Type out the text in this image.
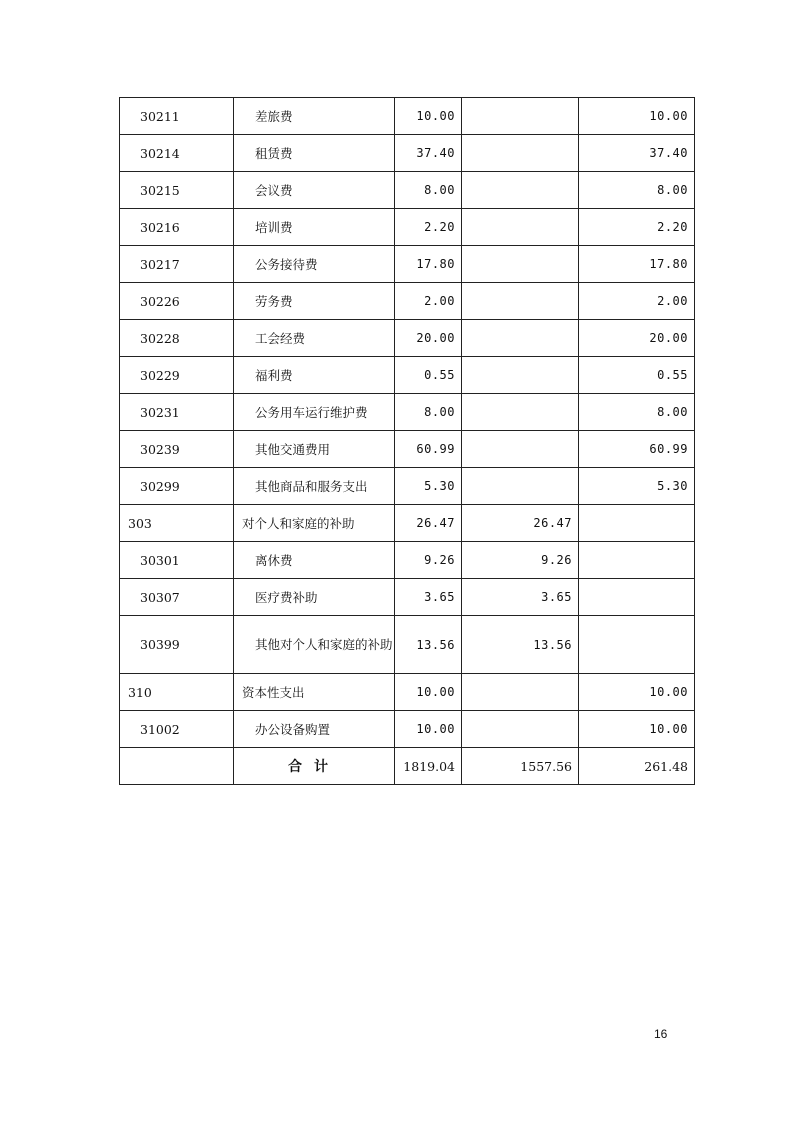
30211	差旅费	10.00		10.00
30214	租赁费	37.40		37.40
30215	会议费	8.00		8.00
30216	培训费	2.20		2.20
30217	公务接待费	17.80		17.80
30226	劳务费	2.00		2.00
30228	工会经费	20.00		20.00
30229	福利费	0.55		0.55
30231	公务用车运行维护费	8.00		8.00
30239	其他交通费用	60.99		60.99
30299	其他商品和服务支出	5.30		5.30
303	对个人和家庭的补助	26.47	26.47	
30301	离休费	9.26	9.26	
30307	医疗费补助	3.65	3.65	
30399	其他对个人和家庭的补助	13.56	13.56	
310	资本性支出	10.00		10.00
31002	办公设备购置	10.00		10.00
	合计	1819.04	1557.56	261.48
16
